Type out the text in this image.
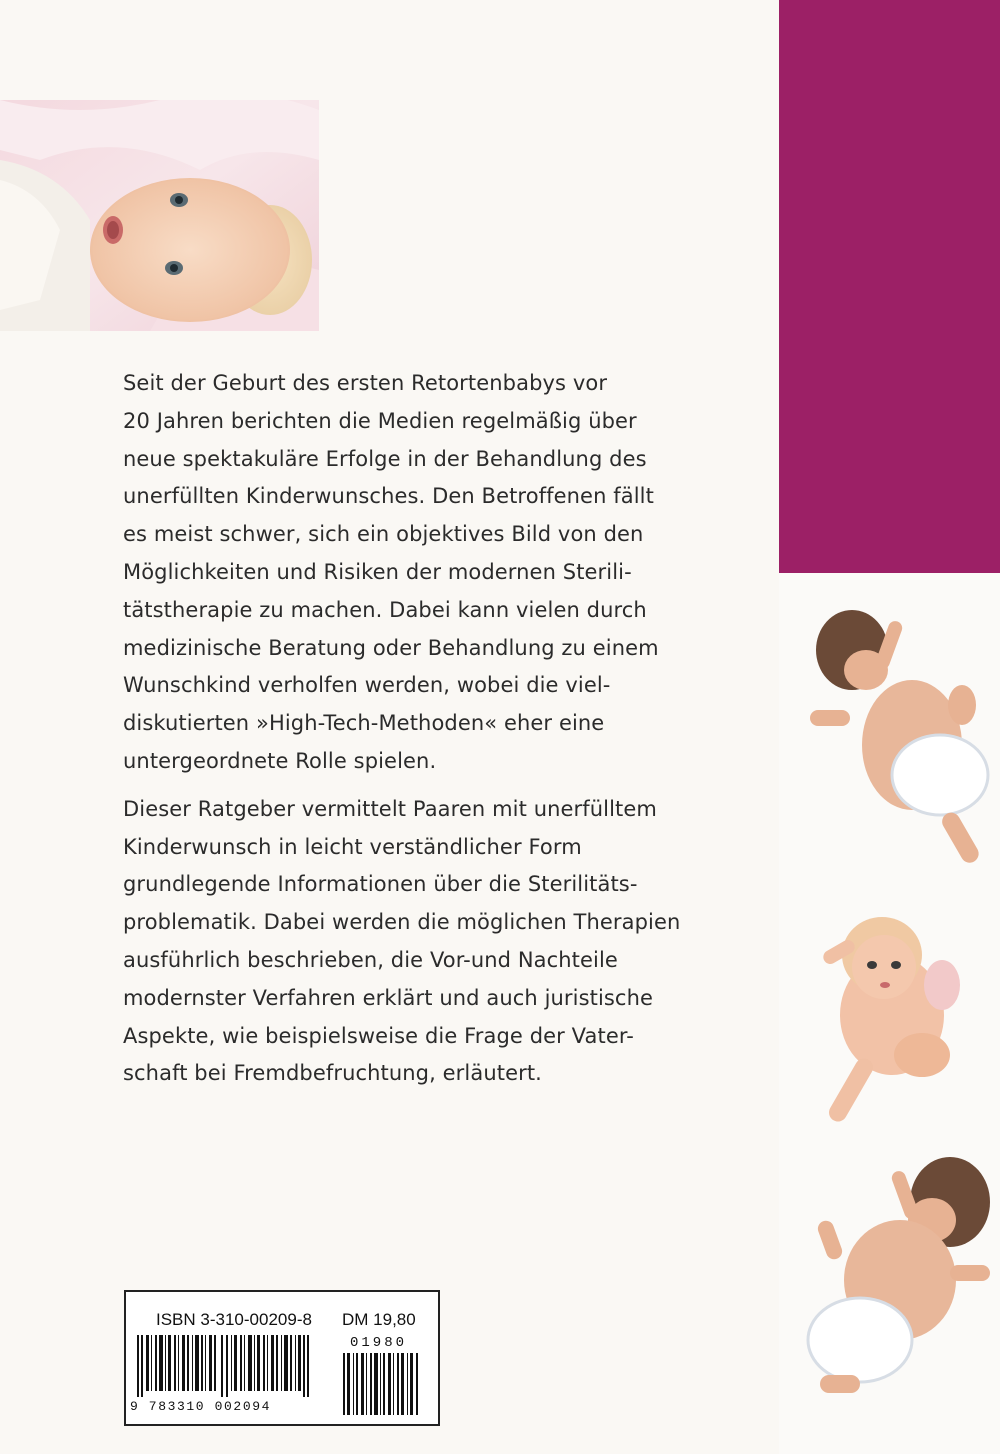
Seit der Geburt des ersten Retortenbabys vor
20 Jahren berichten die Medien regelmäßig über
neue spektakuläre Erfolge in der Behandlung des
unerfüllten Kinderwunsches. Den Betroffenen fällt
es meist schwer, sich ein objektives Bild von den
Möglichkeiten und Risiken der modernen Sterili-
tätstherapie zu machen. Dabei kann vielen durch
medizinische Beratung oder Behandlung zu einem
Wunschkind verholfen werden, wobei die viel-
diskutierten »High-Tech-Methoden« eher eine
untergeordnete Rolle spielen.

Dieser Ratgeber vermittelt Paaren mit unerfülltem
Kinderwunsch in leicht verständlicher Form
grundlegende Informationen über die Sterilitäts-
problematik. Dabei werden die möglichen Therapien
ausführlich beschrieben, die Vor-und Nachteile
modernster Verfahren erklärt und auch juristische
Aspekte, wie beispielsweise die Frage der Vater-
schaft bei Fremdbefruchtung, erläutert.

ISBN 3-310-00209-8 DM 19,80
01980
9 783310 002094
